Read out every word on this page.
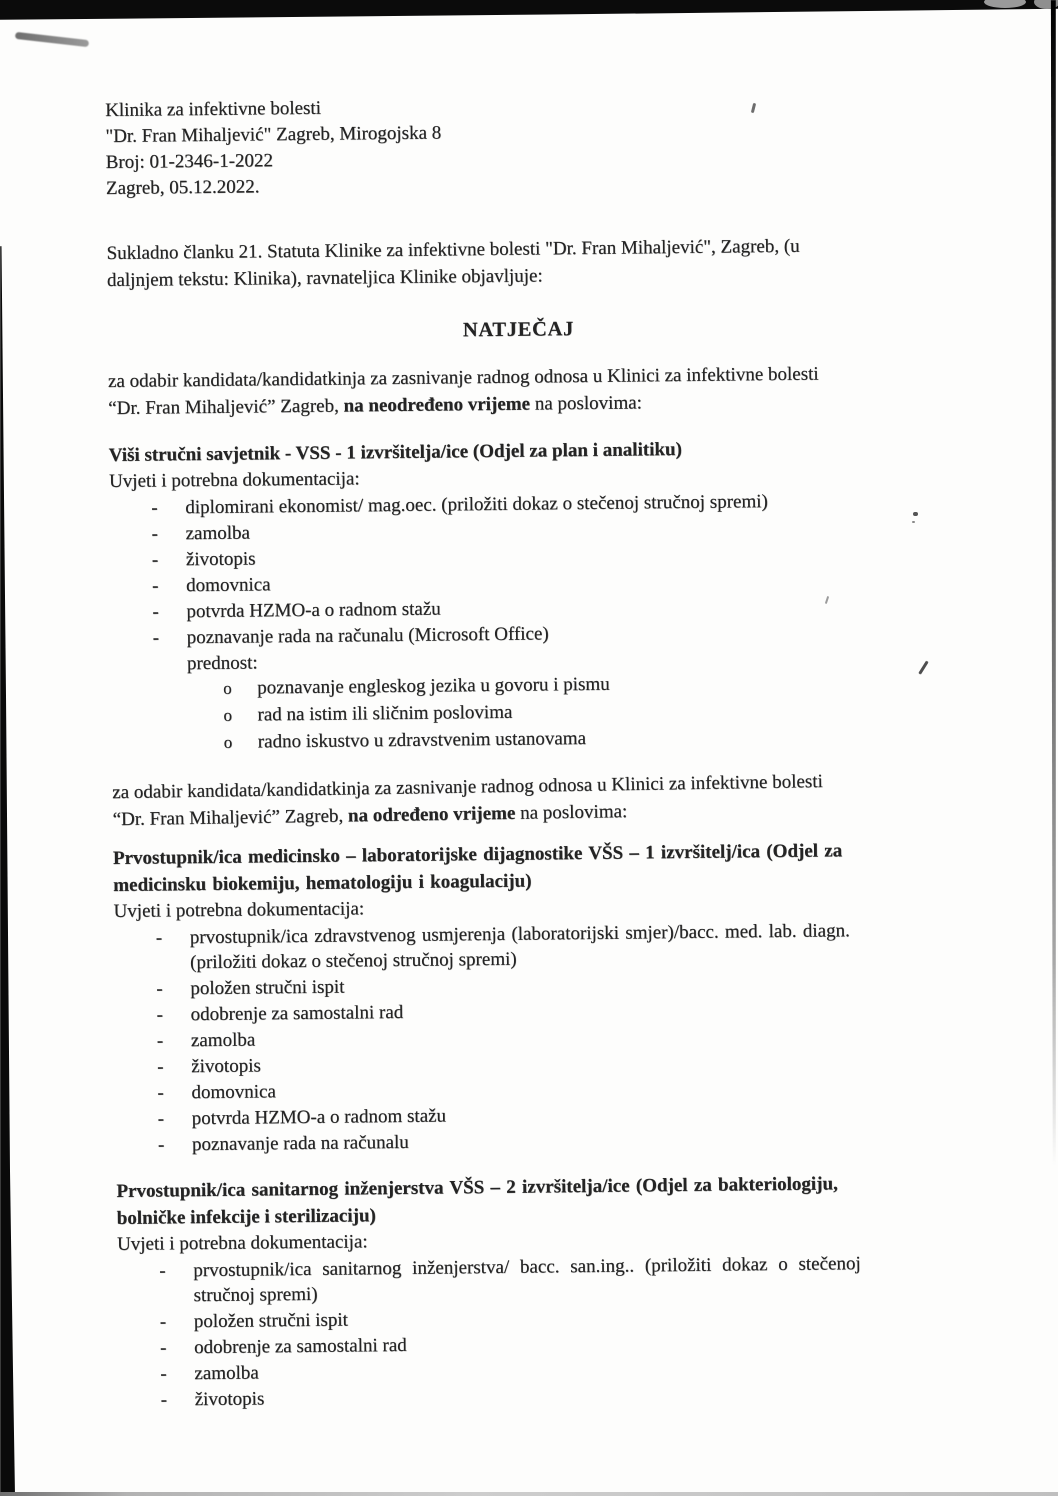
Klinika za infektivne bolesti
"Dr. Fran Mihaljević" Zagreb, Mirogojska 8
Broj: 01-2346-1-2022
Zagreb, 05.12.2022.
Sukladno članku 21. Statuta Klinike za infektivne bolesti "Dr. Fran Mihaljević", Zagreb, (u
daljnjem tekstu: Klinika), ravnateljica Klinike objavljuje:
NATJEČAJ
za odabir kandidata/kandidatkinja za zasnivanje radnog odnosa u Klinici za infektivne bolesti
“Dr. Fran Mihaljević” Zagreb, na neodređeno vrijeme na poslovima:
Viši stručni savjetnik - VSS - 1 izvršitelja/ice (Odjel za plan i analitiku)
Uvjeti i potrebna dokumentacija:
-	diplomirani ekonomist/ mag.oec. (priložiti dokaz o stečenoj stručnoj spremi)
-	zamolba
-	životopis
-	domovnica
-	potvrda HZMO-a o radnom stažu
-	poznavanje rada na računalu (Microsoft Office)
prednost:
o	poznavanje engleskog jezika u govoru i pismu
o	rad na istim ili sličnim poslovima
o	radno iskustvo u zdravstvenim ustanovama
za odabir kandidata/kandidatkinja za zasnivanje radnog odnosa u Klinici za infektivne bolesti
“Dr. Fran Mihaljević” Zagreb, na određeno vrijeme na poslovima:
Prvostupnik/ica medicinsko – laboratorijske dijagnostike VŠS – 1 izvršitelj/ica (Odjel za
medicinsku biokemiju, hematologiju i koagulaciju)
Uvjeti i potrebna dokumentacija:
-	prvostupnik/ica zdravstvenog usmjerenja (laboratorijski smjer)/bacc. med. lab. diagn.
(priložiti dokaz o stečenoj stručnoj spremi)
-	položen stručni ispit
-	odobrenje za samostalni rad
-	zamolba
-	životopis
-	domovnica
-	potvrda HZMO-a o radnom stažu
-	poznavanje rada na računalu
Prvostupnik/ica sanitarnog inženjerstva VŠS – 2 izvršitelja/ice (Odjel za bakteriologiju,
bolničke infekcije i sterilizaciju)
Uvjeti i potrebna dokumentacija:
-	prvostupnik/ica sanitarnog inženjerstva/ bacc. san.ing.. (priložiti dokaz o stečenoj
stručnoj spremi)
-	položen stručni ispit
-	odobrenje za samostalni rad
-	zamolba
-	životopis
